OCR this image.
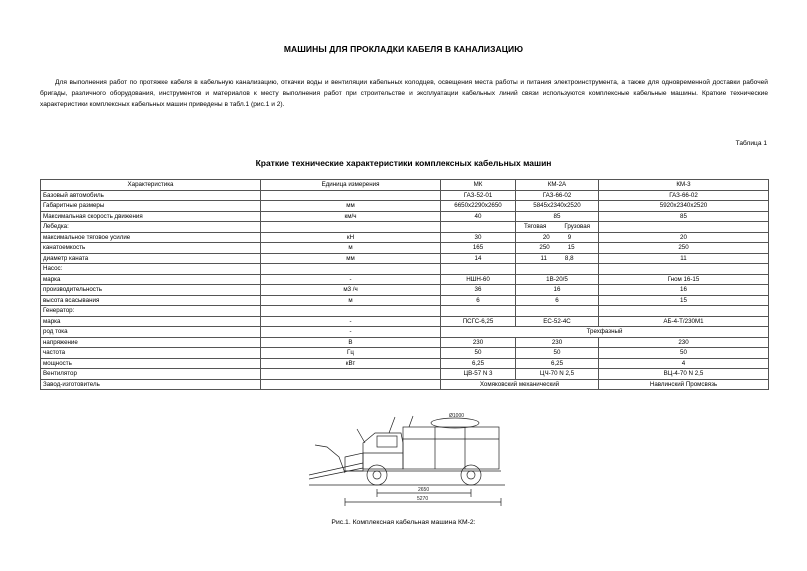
МАШИНЫ ДЛЯ ПРОКЛАДКИ КАБЕЛЯ В КАНАЛИЗАЦИЮ
Для выполнения работ по протяжке кабеля в кабельную канализацию, откачки воды и вентиляции кабельных колодцев, освещения места работы и питания электроинструмента, а также для одновременной доставки рабочей бригады, различного оборудования, инструментов и материалов к месту выполнения работ при строительстве и эксплуатации кабельных линий связи используются комплексные кабельные машины. Краткие технические характеристики комплексных кабельных машин приведены в табл.1 (рис.1 и 2).
Таблица 1
Краткие технические характеристики комплексных кабельных машин
Характеристика	Единица измерения	МК	КМ-2А	КМ-3
Базовый автомобиль		ГАЗ-52-01	ГАЗ-66-02	ГАЗ-66-02
Габаритные размеры	мм	6650х2290х2650	5845х2340х2520	5920х2340х2520
Максимальная скорость движения	км/ч	40	85	85
Лебедка:			Тяговая Грузовая	

максимальное тяговое усилие	кН	30	20 9	20
канатоемкость	м	165	250 15	250
диаметр каната	мм	14	11 8,8	11
Насос:				
марка	-	НШН-60	1В-20/5	Гном 16-15
производительность	м3 /ч	36	16	16
высота всасывания	м	6	6	15
Генератор:				
марка	-	ПСГС-6,25	ЕС-52-4С	АБ-4-Т/230М1
род тока	-	Трехфазный		
напряжение	В	230	230	230
частота	Гц	50	50	50
мощность	кВт	6,25	6,25	4
Вентилятор		ЦВ-57 N 3	ЦЧ-70 N 2,5	ВЦ-4-70 N 2,5
Завод-изготовитель		Хомяковский механический		Навлинский Промсвязь
Ø1000
2650
5270
Рис.1. Комплексная кабельная машина КМ-2:
